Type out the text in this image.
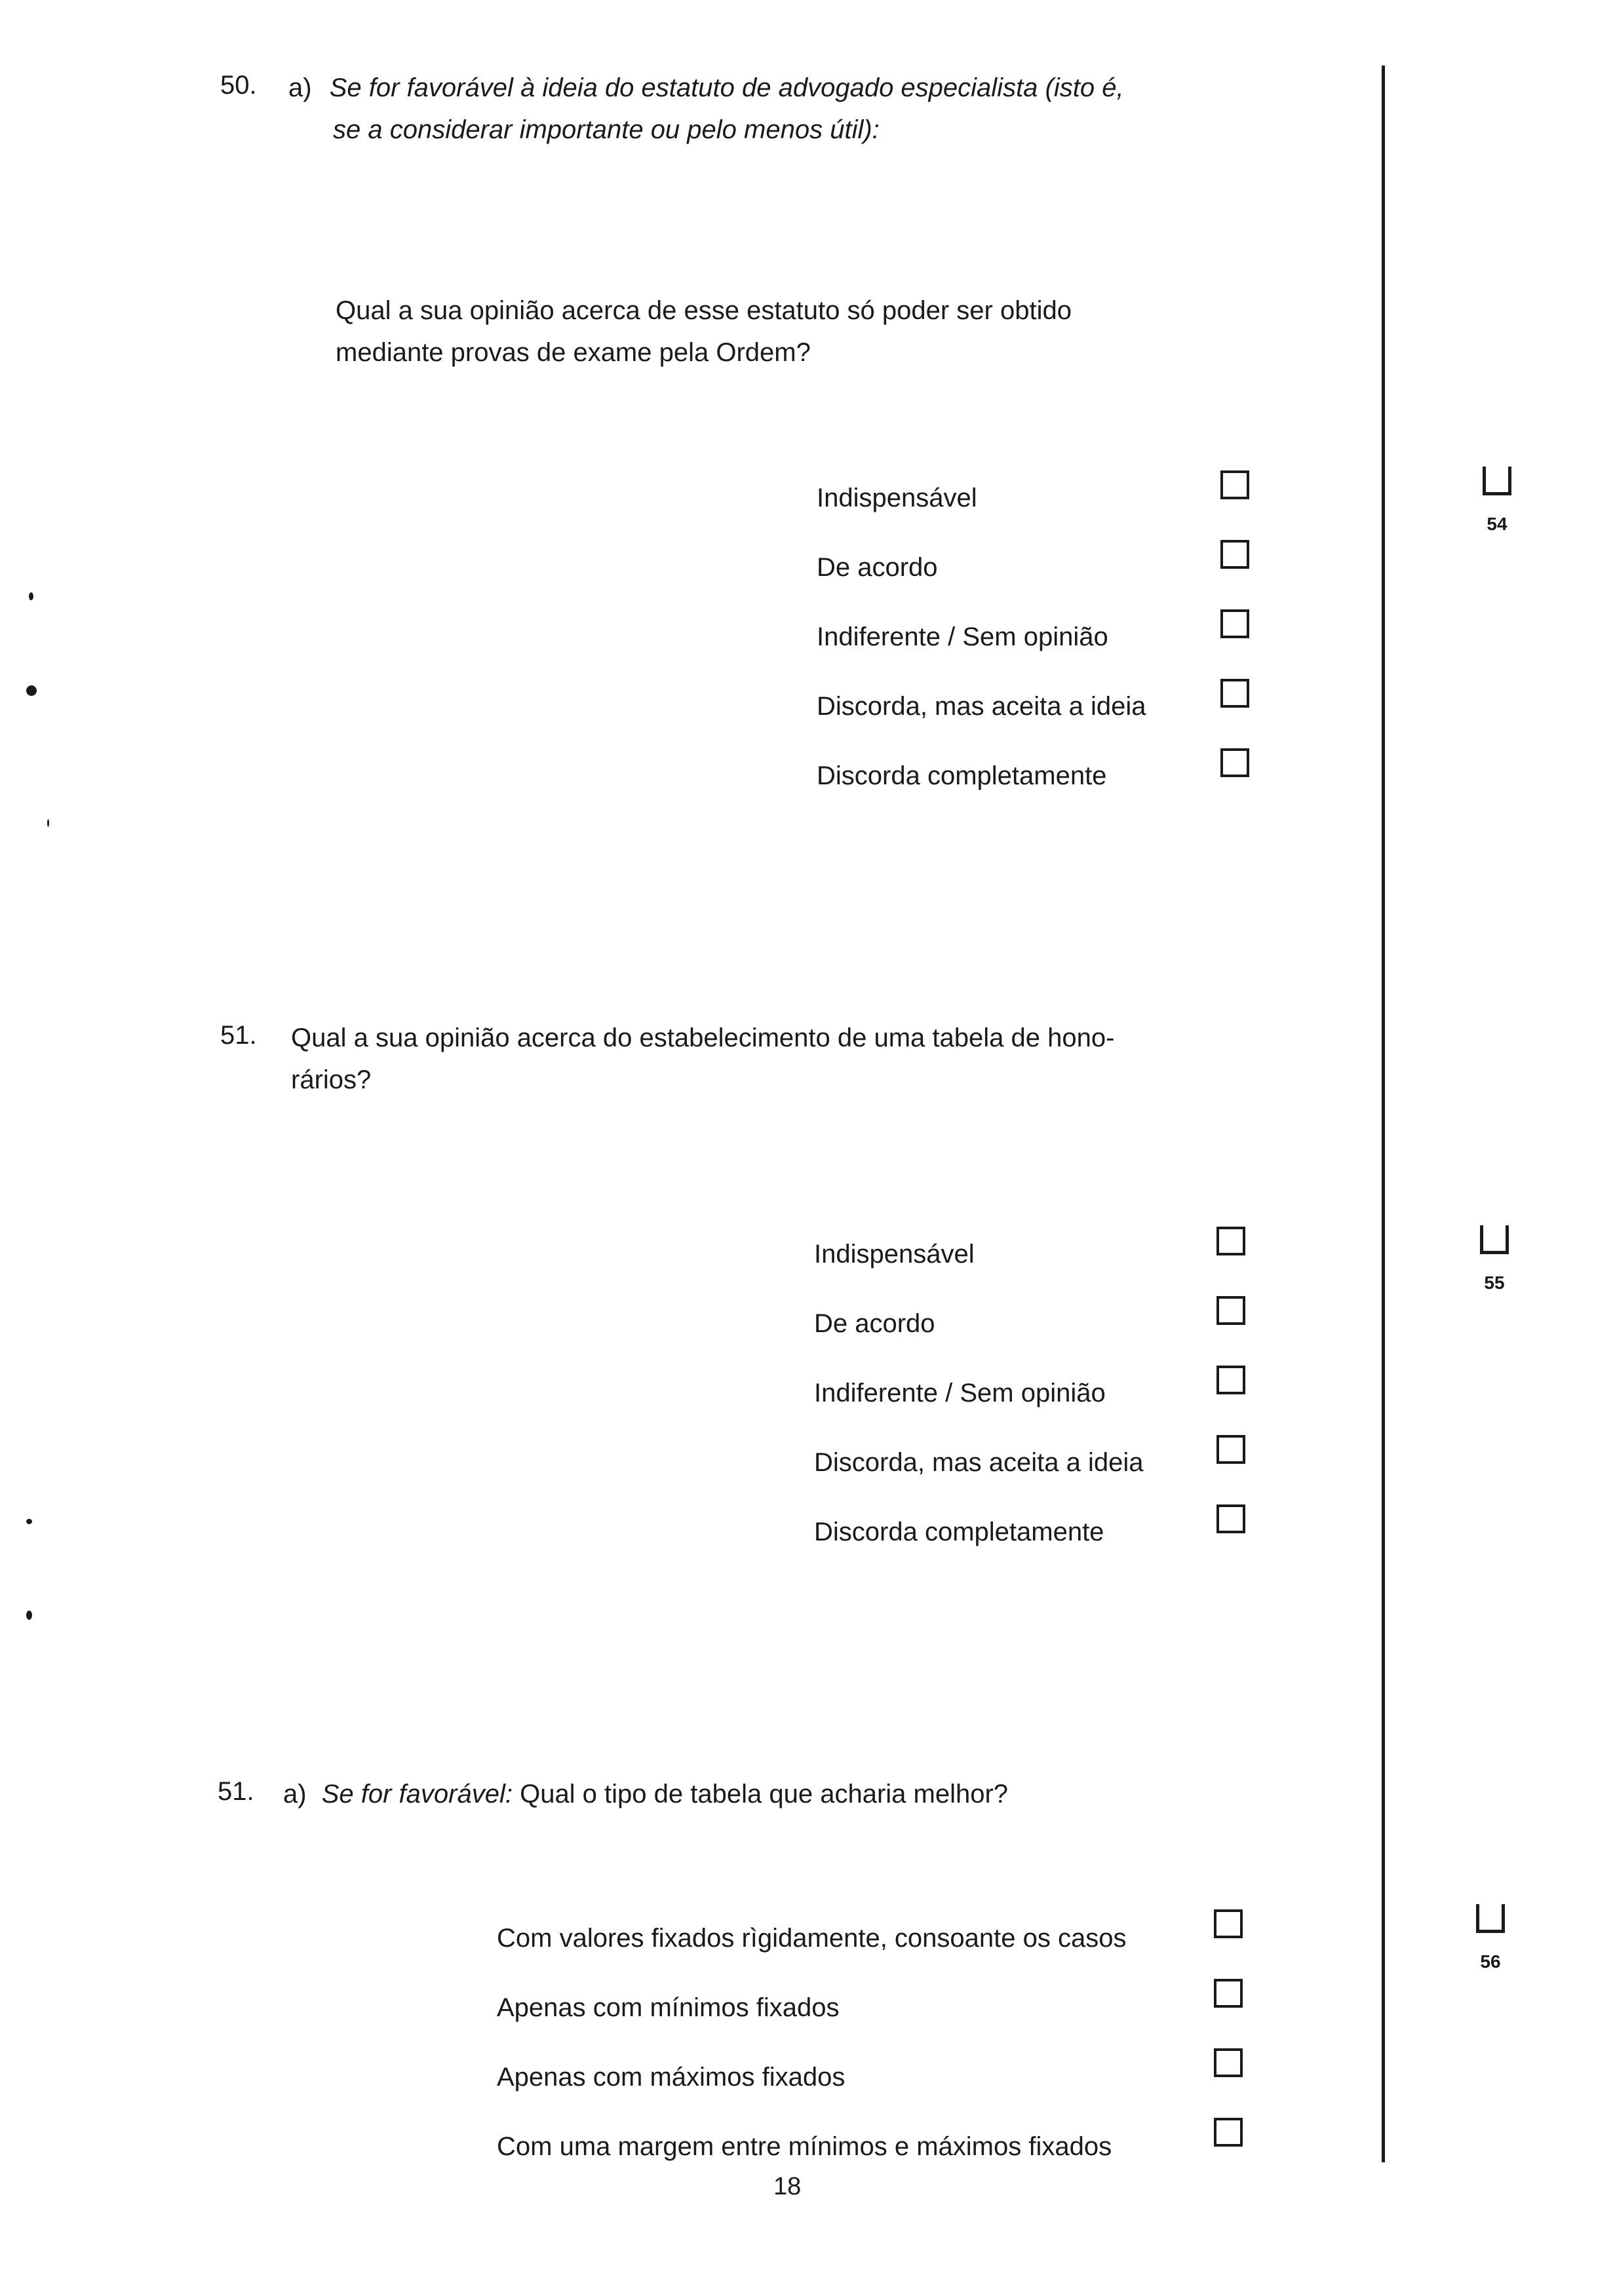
50. a) Se for favorável à ideia do estatuto de advogado especialista (isto é,
se a considerar importante ou pelo menos útil):
Qual a sua opinião acerca de esse estatuto só poder ser obtido
mediante provas de exame pela Ordem?
Indispensável
De acordo
Indiferente / Sem opinião
Discorda, mas aceita a ideia
Discorda completamente
51. Qual a sua opinião acerca do estabelecimento de uma tabela de hono-
rários?
Indispensável
De acordo
Indiferente / Sem opinião
Discorda, mas aceita a ideia
Discorda completamente
51. a) Se for favorável: Qual o tipo de tabela que acharia melhor?
Com valores fixados rìgidamente, consoante os casos
Apenas com mínimos fixados
Apenas com máximos fixados
Com uma margem entre mínimos e máximos fixados
54
55
56
18
